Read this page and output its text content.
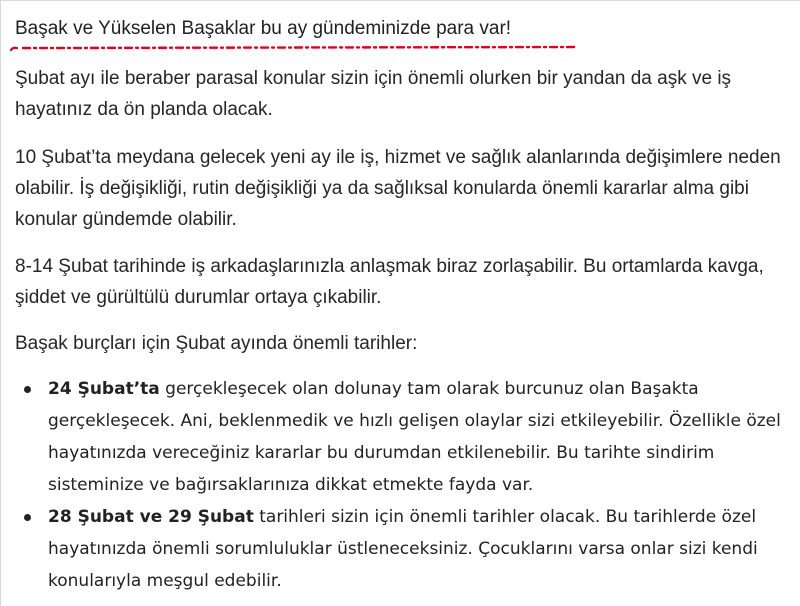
Başak ve Yükselen Başaklar bu ay gündeminizde para var!

Şubat ayı ile beraber parasal konular sizin için önemli olurken bir yandan da aşk ve iş hayatınız da ön planda olacak.

10 Şubat’ta meydana gelecek yeni ay ile iş, hizmet ve sağlık alanlarında değişimlere neden olabilir. İş değişikliği, rutin değişikliği ya da sağlıksal konularda önemli kararlar alma gibi konular gündemde olabilir.

8-14 Şubat tarihinde iş arkadaşlarınızla anlaşmak biraz zorlaşabilir. Bu ortamlarda kavga, şiddet ve gürültülü durumlar ortaya çıkabilir.

Başak burçları için Şubat ayında önemli tarihler:

24 Şubat’ta gerçekleşecek olan dolunay tam olarak burcunuz olan Başakta gerçekleşecek. Ani, beklenmedik ve hızlı gelişen olaylar sizi etkileyebilir. Özellikle özel hayatınızda vereceğiniz kararlar bu durumdan etkilenebilir. Bu tarihte sindirim sisteminize ve bağırsaklarınıza dikkat etmekte fayda var.
28 Şubat ve 29 Şubat tarihleri sizin için önemli tarihler olacak. Bu tarihlerde özel hayatınızda önemli sorumluluklar üstleneceksiniz. Çocuklarını varsa onlar sizi kendi konularıyla meşgul edebilir.
